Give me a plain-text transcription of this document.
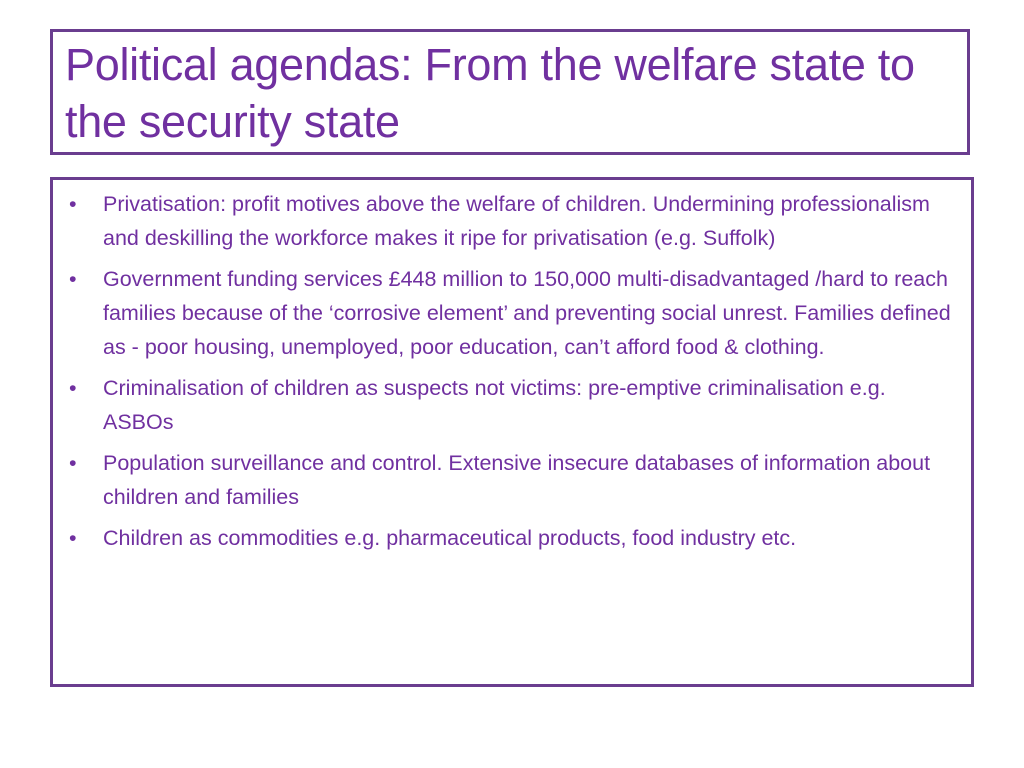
Political agendas: From the welfare state to the security state
• Privatisation: profit motives above the welfare of children. Undermining professionalism and deskilling the workforce makes it ripe for privatisation (e.g. Suffolk)
• Government funding services £448 million to 150,000 multi-disadvantaged /hard to reach families because of the ‘corrosive element’ and preventing social unrest. Families defined as - poor housing, unemployed, poor education, can’t afford food & clothing.
• Criminalisation of children as suspects not victims: pre-emptive criminalisation e.g. ASBOs
• Population surveillance and control. Extensive insecure databases of information about children and families
• Children as commodities e.g. pharmaceutical products, food industry etc.
